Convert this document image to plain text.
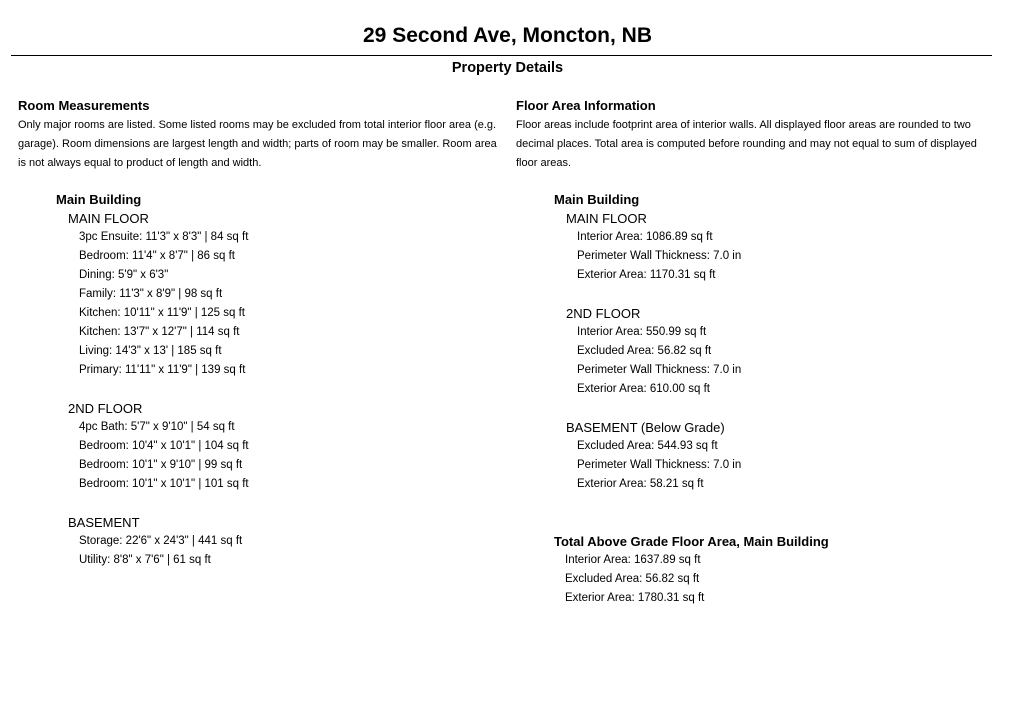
29 Second Ave, Moncton, NB
Property Details
Room Measurements
Only major rooms are listed. Some listed rooms may be excluded from total interior floor area (e.g. garage). Room dimensions are largest length and width; parts of room may be smaller. Room area is not always equal to product of length and width.
Main Building
MAIN FLOOR
3pc Ensuite: 11'3" x 8'3" | 84 sq ft
Bedroom: 11'4" x 8'7" | 86 sq ft
Dining: 5'9" x 6'3"
Family: 11'3" x 8'9" | 98 sq ft
Kitchen: 10'11" x 11'9" | 125 sq ft
Kitchen: 13'7" x 12'7" | 114 sq ft
Living: 14'3" x 13' | 185 sq ft
Primary: 11'11" x 11'9" | 139 sq ft
2ND FLOOR
4pc Bath: 5'7" x 9'10" | 54 sq ft
Bedroom: 10'4" x 10'1" | 104 sq ft
Bedroom: 10'1" x 9'10" | 99 sq ft
Bedroom: 10'1" x 10'1" | 101 sq ft
BASEMENT
Storage: 22'6" x 24'3" | 441 sq ft
Utility: 8'8" x 7'6" | 61 sq ft
Floor Area Information
Floor areas include footprint area of interior walls. All displayed floor areas are rounded to two decimal places. Total area is computed before rounding and may not equal to sum of displayed floor areas.
Main Building
MAIN FLOOR
Interior Area: 1086.89 sq ft
Perimeter Wall Thickness: 7.0 in
Exterior Area: 1170.31 sq ft
2ND FLOOR
Interior Area: 550.99 sq ft
Excluded Area: 56.82 sq ft
Perimeter Wall Thickness: 7.0 in
Exterior Area: 610.00 sq ft
BASEMENT (Below Grade)
Excluded Area: 544.93 sq ft
Perimeter Wall Thickness: 7.0 in
Exterior Area: 58.21 sq ft
Total Above Grade Floor Area, Main Building
Interior Area: 1637.89 sq ft
Excluded Area: 56.82 sq ft
Exterior Area: 1780.31 sq ft
